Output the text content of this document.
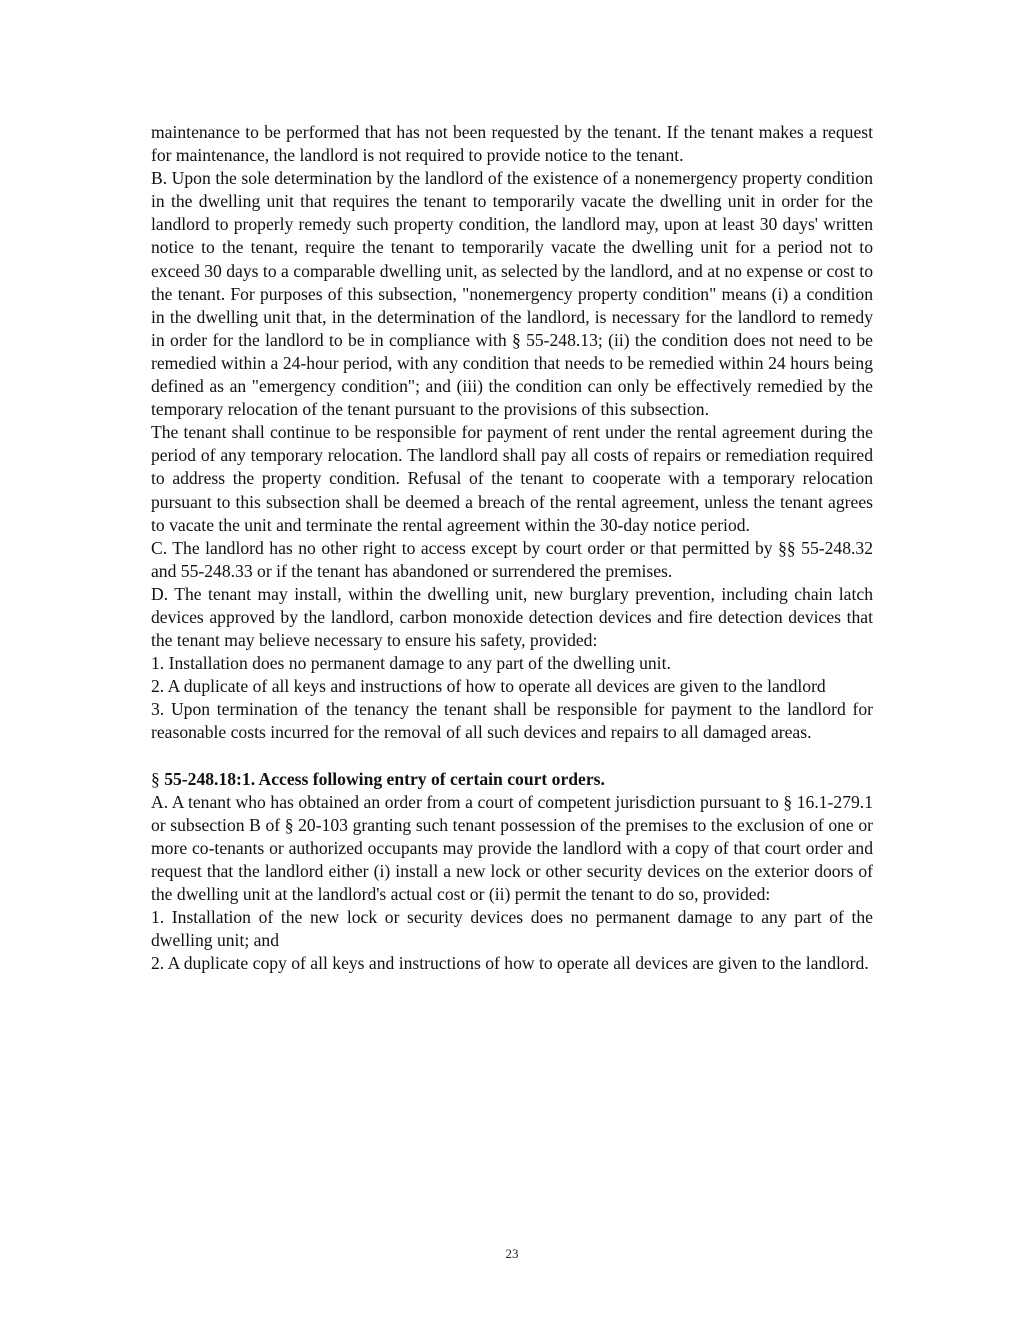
maintenance to be performed that has not been requested by the tenant. If the tenant makes a request for maintenance, the landlord is not required to provide notice to the tenant.

B. Upon the sole determination by the landlord of the existence of a nonemergency property condition in the dwelling unit that requires the tenant to temporarily vacate the dwelling unit in order for the landlord to properly remedy such property condition, the landlord may, upon at least 30 days' written notice to the tenant, require the tenant to temporarily vacate the dwelling unit for a period not to exceed 30 days to a comparable dwelling unit, as selected by the landlord, and at no expense or cost to the tenant. For purposes of this subsection, "nonemergency property condition" means (i) a condition in the dwelling unit that, in the determination of the landlord, is necessary for the landlord to remedy in order for the landlord to be in compliance with § 55-248.13; (ii) the condition does not need to be remedied within a 24-hour period, with any condition that needs to be remedied within 24 hours being defined as an "emergency condition"; and (iii) the condition can only be effectively remedied by the temporary relocation of the tenant pursuant to the provisions of this subsection.

The tenant shall continue to be responsible for payment of rent under the rental agreement during the period of any temporary relocation. The landlord shall pay all costs of repairs or remediation required to address the property condition. Refusal of the tenant to cooperate with a temporary relocation pursuant to this subsection shall be deemed a breach of the rental agreement, unless the tenant agrees to vacate the unit and terminate the rental agreement within the 30-day notice period.

C. The landlord has no other right to access except by court order or that permitted by §§ 55-248.32 and 55-248.33 or if the tenant has abandoned or surrendered the premises.

D. The tenant may install, within the dwelling unit, new burglary prevention, including chain latch devices approved by the landlord, carbon monoxide detection devices and fire detection devices that the tenant may believe necessary to ensure his safety, provided:

1. Installation does no permanent damage to any part of the dwelling unit.

2. A duplicate of all keys and instructions of how to operate all devices are given to the landlord

3. Upon termination of the tenancy the tenant shall be responsible for payment to the landlord for reasonable costs incurred for the removal of all such devices and repairs to all damaged areas.

§ 55-248.18:1. Access following entry of certain court orders.

A. A tenant who has obtained an order from a court of competent jurisdiction pursuant to § 16.1-279.1 or subsection B of § 20-103 granting such tenant possession of the premises to the exclusion of one or more co-tenants or authorized occupants may provide the landlord with a copy of that court order and request that the landlord either (i) install a new lock or other security devices on the exterior doors of the dwelling unit at the landlord's actual cost or (ii) permit the tenant to do so, provided:

1. Installation of the new lock or security devices does no permanent damage to any part of the dwelling unit; and

2. A duplicate copy of all keys and instructions of how to operate all devices are given to the landlord.

23
